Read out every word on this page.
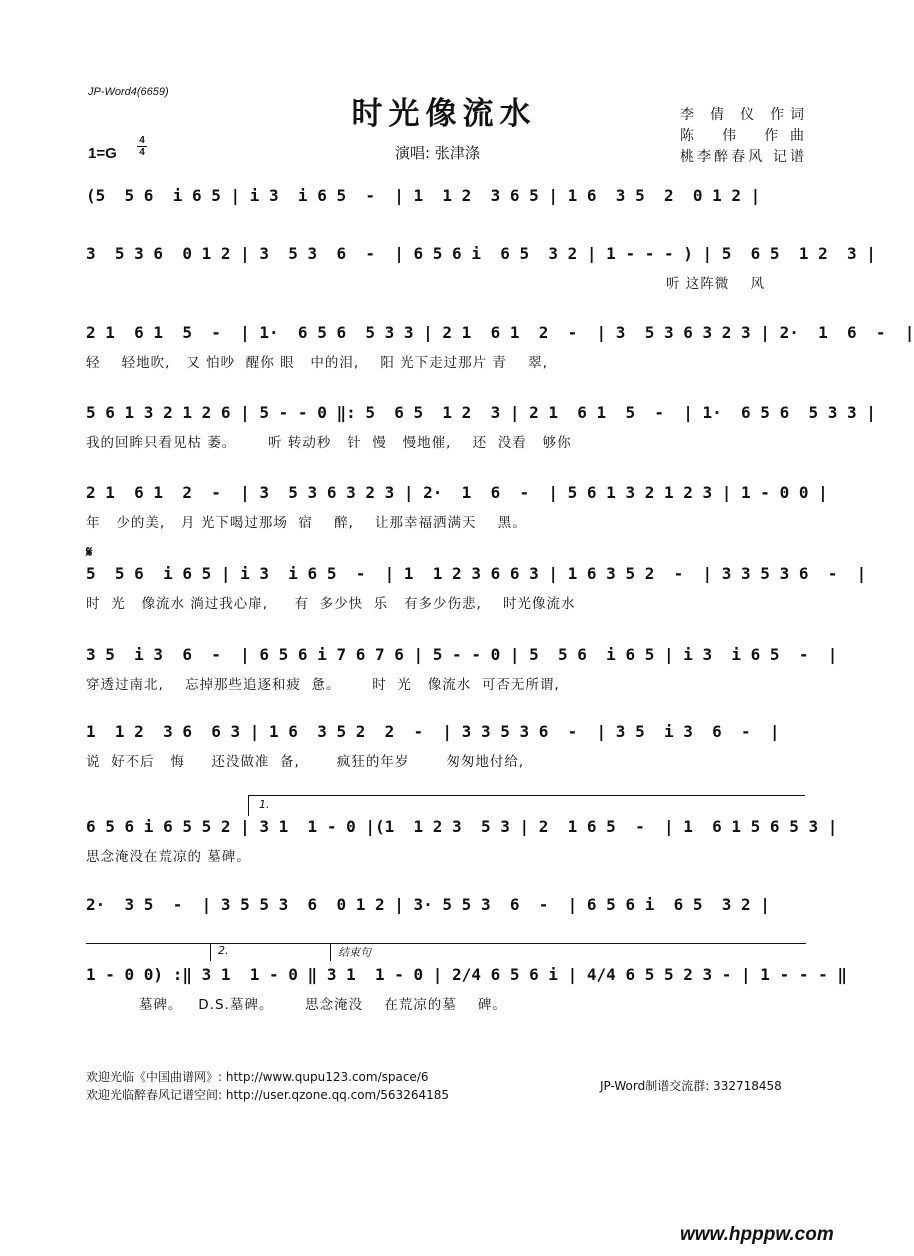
JP-Word4(6659)
时光像流水	李 倩 仪 作词
陈 伟 作曲
桃李醉春风 记谱
1=G
4
4	演唱: 张津涤
(5  5 6  i 6 5 | i 3  i 6 5  -  | 1  1 2  3 6 5 | 1 6  3 5  2  0 1 2 |
3  5 3 6  0 1 2 | 3  5 3  6  -  | 6 5 6 i  6 5  3 2 | 1 - - - ) | 5  6 5  1 2  3 |
听 这阵微    风
2 1  6 1  5  -  | 1·  6 5 6  5 3 3 | 2 1  6 1  2  -  | 3  5 3 6 3 2 3 | 2·  1  6  -  |
轻    轻地吹,   又 怕吵  醒你 眼   中的泪,    阳 光下走过那片 青    翠,
5 6 1 3 2 1 2 6 | 5 - - 0 ‖: 5  6 5  1 2  3 | 2 1  6 1  5  -  | 1·  6 5 6  5 3 3 |
我的回眸只看见枯 萎。      听 转动秒   针  慢   慢地催,    还  没看   够你
2 1  6 1  2  -  | 3  5 3 6 3 2 3 | 2·  1  6  -  | 5 6 1 3 2 1 2 3 | 1 - 0 0 |
年   少的美,   月 光下喝过那场  宿    醉,    让那幸福洒满天    黑。
𝄋
5  5 6  i 6 5 | i 3  i 6 5  -  | 1  1 2 3 6 6 3 | 1 6 3 5 2  -  | 3 3 5 3 6  -  |
时  光   像流水 淌过我心扉,     有  多少快  乐   有多少伤悲,    时光像流水
3 5  i 3  6  -  | 6 5 6 i 7 6 7 6 | 5 - - 0 | 5  5 6  i 6 5 | i 3  i 6 5  -  |
穿透过南北,    忘掉那些追逐和疲  惫。      时  光   像流水  可否无所谓,
1  1 2  3 6  6 3 | 1 6  3 5 2  2  -  | 3 3 5 3 6  -  | 3 5  i 3  6  -  |
说  好不后   悔     还没做准  备,       疯狂的年岁       匆匆地付给,
1.
6 5 6 i 6 5 5 2 | 3 1  1 - 0 |(1  1 2 3  5 3 | 2  1 6 5  -  | 1  6 1 5 6 5 3 |
思念淹没在荒凉的 墓碑。
2·  3 5  -  | 3 5 5 3  6  0 1 2 | 3· 5 5 3  6  -  | 6 5 6 i  6 5  3 2 |
2.	结束句
1 - 0 0) :‖ 3 1  1 - 0 ‖ 3 1  1 - 0 | 2/4 6 5 6 i | 4/4 6 5 5 2 3 - | 1 - - - ‖
墓碑。   D.S.墓碑。      思念淹没    在荒凉的墓    碑。
欢迎光临《中国曲谱网》: http://www.qupu123.com/space/6
欢迎光临醉春风记谱空间: http://user.qzone.qq.com/563264185
JP-Word制谱交流群: 332718458
www.hpppw.com
